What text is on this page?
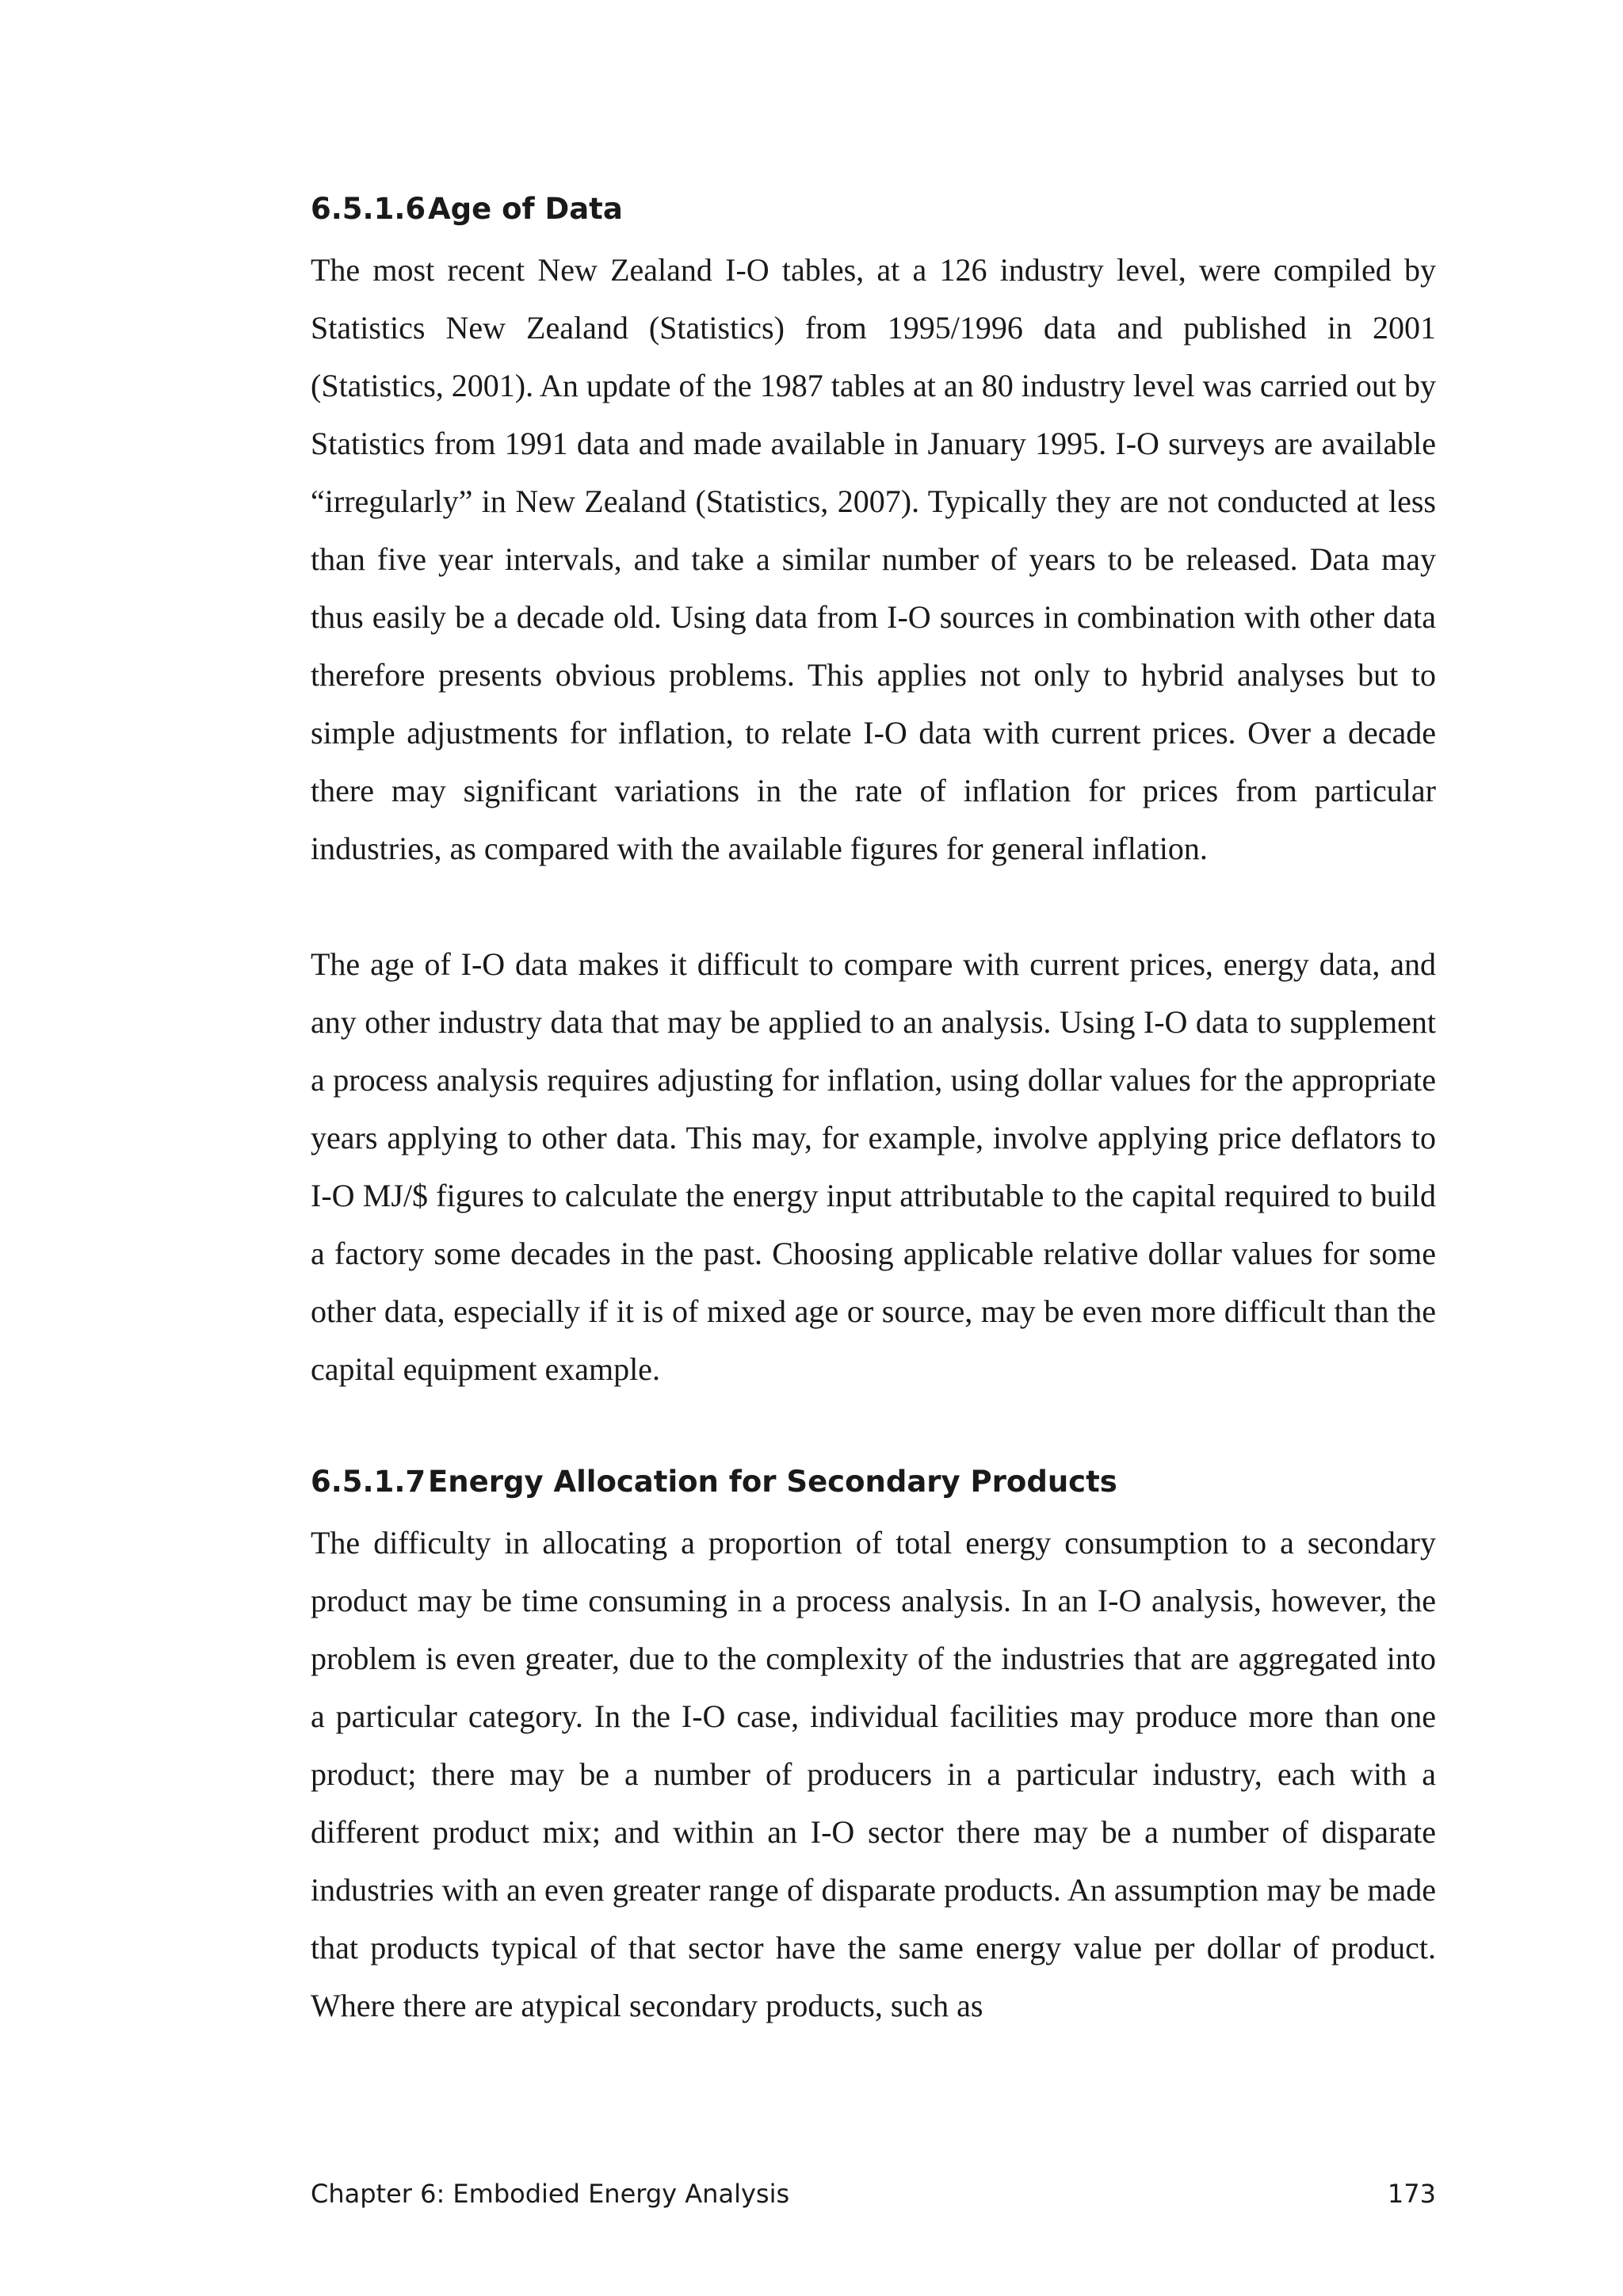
6.5.1.6Age of Data

The most recent New Zealand I-O tables, at a 126 industry level, were compiled by Statistics New Zealand (Statistics) from 1995/1996 data and published in 2001 (Statistics, 2001). An update of the 1987 tables at an 80 industry level was carried out by Statistics from 1991 data and made available in January 1995. I-O surveys are available “irregularly” in New Zealand (Statistics, 2007). Typically they are not conducted at less than five year intervals, and take a similar number of years to be released. Data may thus easily be a decade old. Using data from I-O sources in combination with other data therefore presents obvious problems. This applies not only to hybrid analyses but to simple adjustments for inflation, to relate I-O data with current prices. Over a decade there may significant variations in the rate of inflation for prices from particular industries, as compared with the available figures for general inflation.

The age of I-O data makes it difficult to compare with current prices, energy data, and any other industry data that may be applied to an analysis. Using I-O data to supplement a process analysis requires adjusting for inflation, using dollar values for the appropriate years applying to other data. This may, for example, involve applying price deflators to I-O MJ/$ figures to calculate the energy input attributable to the capital required to build a factory some decades in the past. Choosing applicable relative dollar values for some other data, especially if it is of mixed age or source, may be even more difficult than the capital equipment example.

6.5.1.7Energy Allocation for Secondary Products

The difficulty in allocating a proportion of total energy consumption to a secondary product may be time consuming in a process analysis. In an I-O analysis, however, the problem is even greater, due to the complexity of the industries that are aggregated into a particular category. In the I-O case, individual facilities may produce more than one product; there may be a number of producers in a particular industry, each with a different product mix; and within an I-O sector there may be a number of disparate industries with an even greater range of disparate products. An assumption may be made that products typical of that sector have the same energy value per dollar of product. Where there are atypical secondary products, such as

Chapter 6: Embodied Energy Analysis	173
